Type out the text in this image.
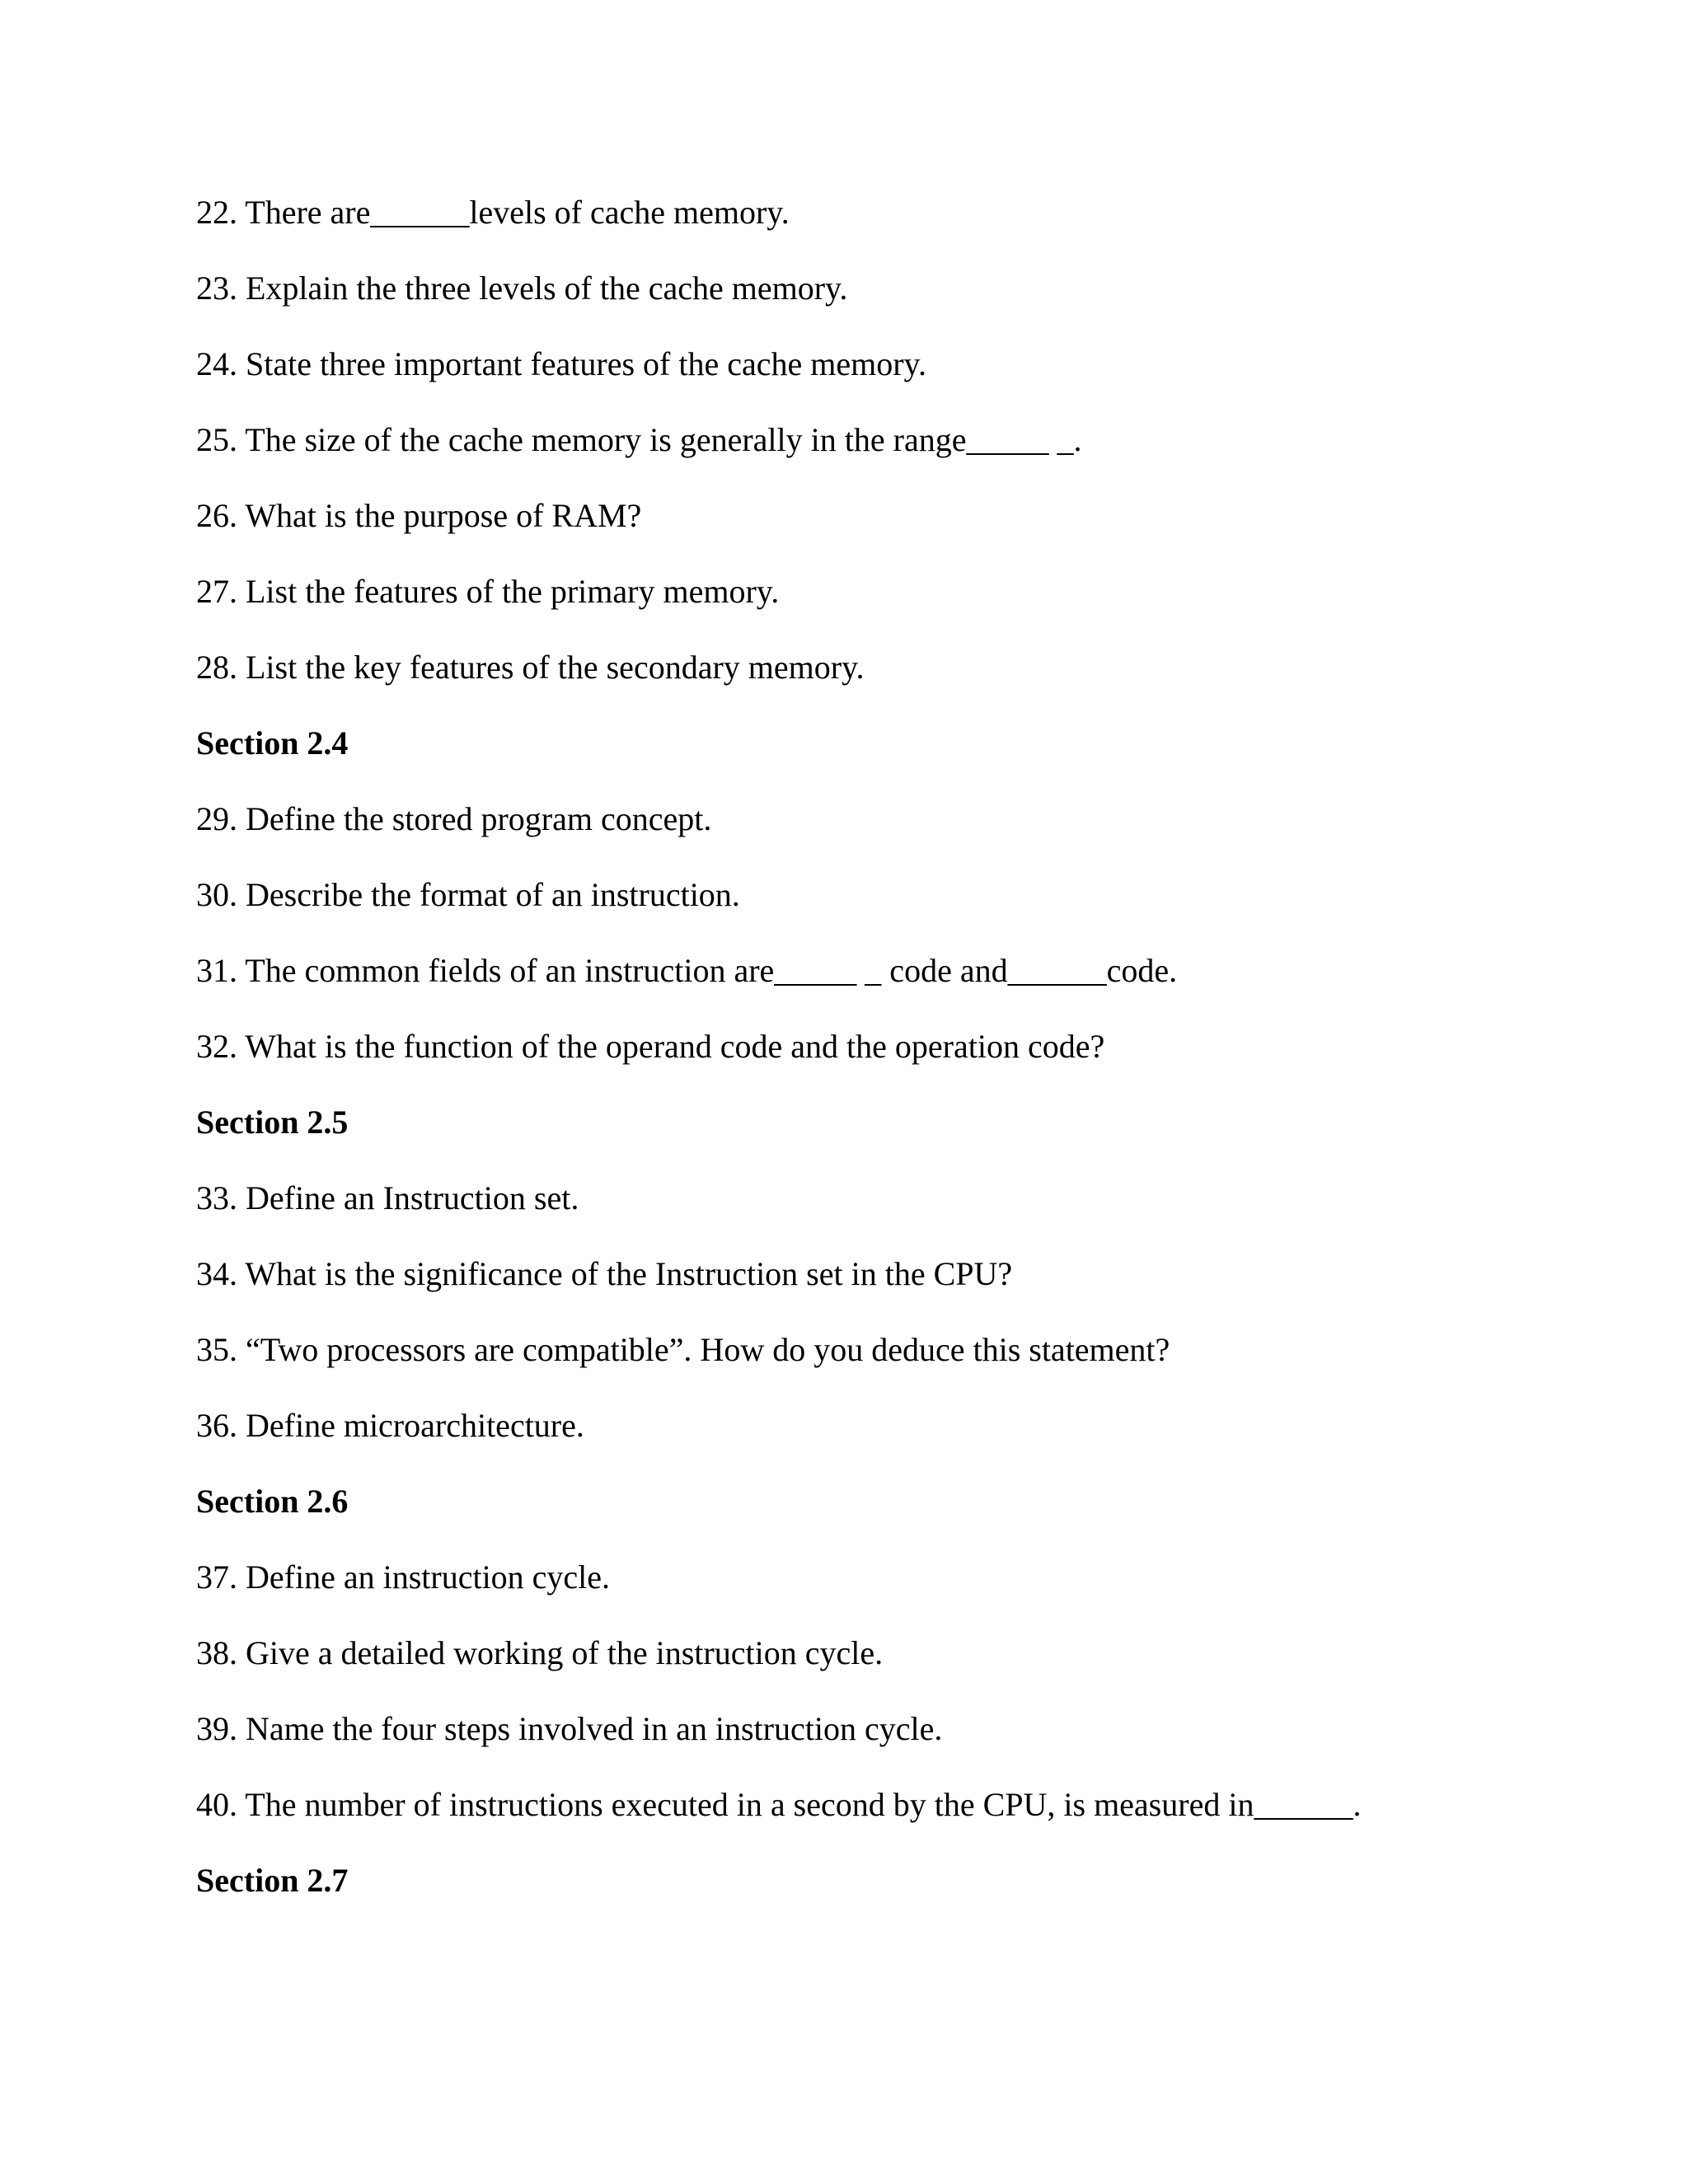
22. There are______levels of cache memory.
23. Explain the three levels of the cache memory.
24. State three important features of the cache memory.
25. The size of the cache memory is generally in the range_____ _.
26. What is the purpose of RAM?
27. List the features of the primary memory.
28. List the key features of the secondary memory.
Section 2.4
29. Define the stored program concept.
30. Describe the format of an instruction.
31. The common fields of an instruction are_____ _ code and______code.
32. What is the function of the operand code and the operation code?
Section 2.5
33. Define an Instruction set.
34. What is the significance of the Instruction set in the CPU?
35. “Two processors are compatible”. How do you deduce this statement?
36. Define microarchitecture.
Section 2.6
37. Define an instruction cycle.
38. Give a detailed working of the instruction cycle.
39. Name the four steps involved in an instruction cycle.
40. The number of instructions executed in a second by the CPU, is measured in______.
Section 2.7
